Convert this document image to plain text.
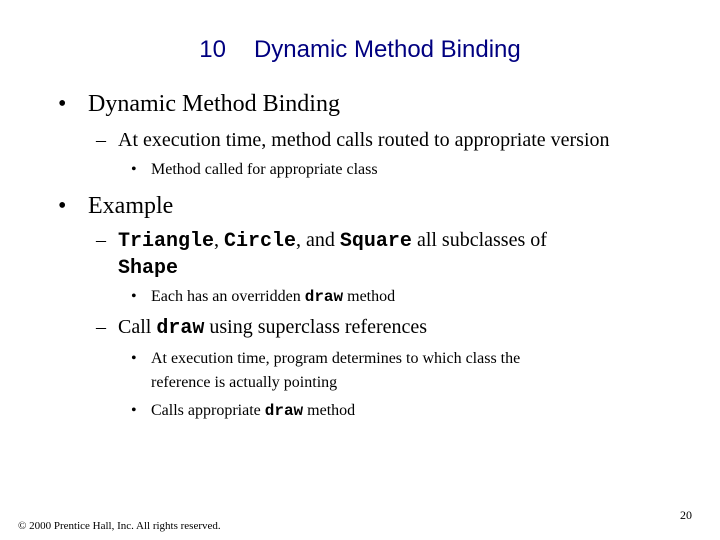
10 Dynamic Method Binding
• Dynamic Method Binding
– At execution time, method calls routed to appropriate version
• Method called for appropriate class
• Example
– Triangle, Circle, and Square all subclasses of
Shape
• Each has an overridden draw method
– Call draw using superclass references
• At execution time, program determines to which class the
reference is actually pointing
• Calls appropriate draw method
© 2000 Prentice Hall, Inc. All rights reserved.
20
